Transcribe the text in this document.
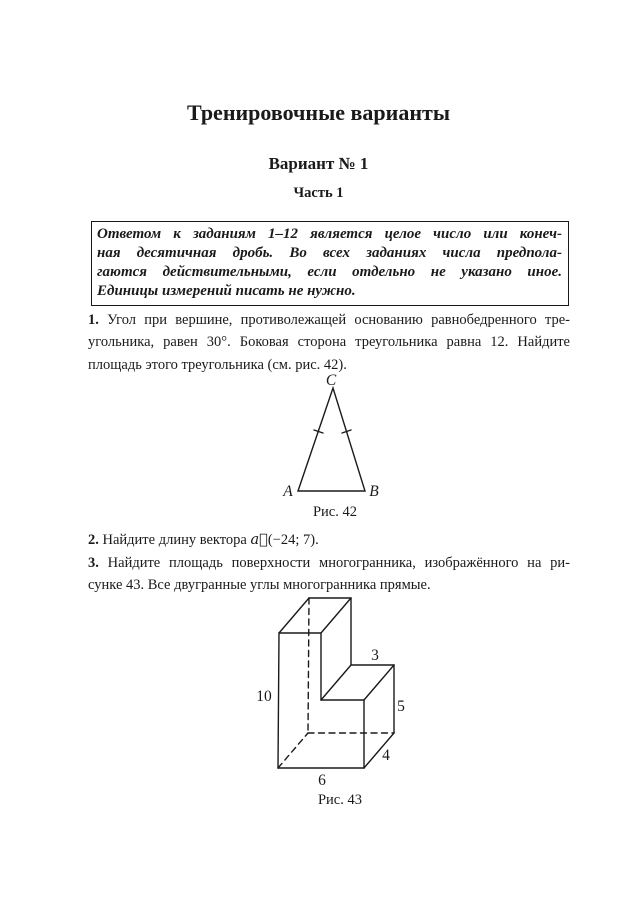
Тренировочные варианты
Вариант № 1
Часть 1
Ответом к заданиям 1–12 является целое число или конеч-
ная десятичная дробь. Во всех заданиях числа предпола-
гаются действительными, если отдельно не указано иное.
Единицы измерений писать не нужно.
1. Угол при вершине, противолежащей основанию равнобедренного тре-
угольника, равен 30°. Боковая сторона треугольника равна 12. Найдите
площадь этого треугольника (см. рис. 42).
C
A	B
Рис. 42
2. Найдите длину вектора a⃗(−24; 7).
3. Найдите площадь поверхности многогранника, изображённого на ри-
сунке 43. Все двугранные углы многогранника прямые.
10
3
5
4
6
Рис. 43
